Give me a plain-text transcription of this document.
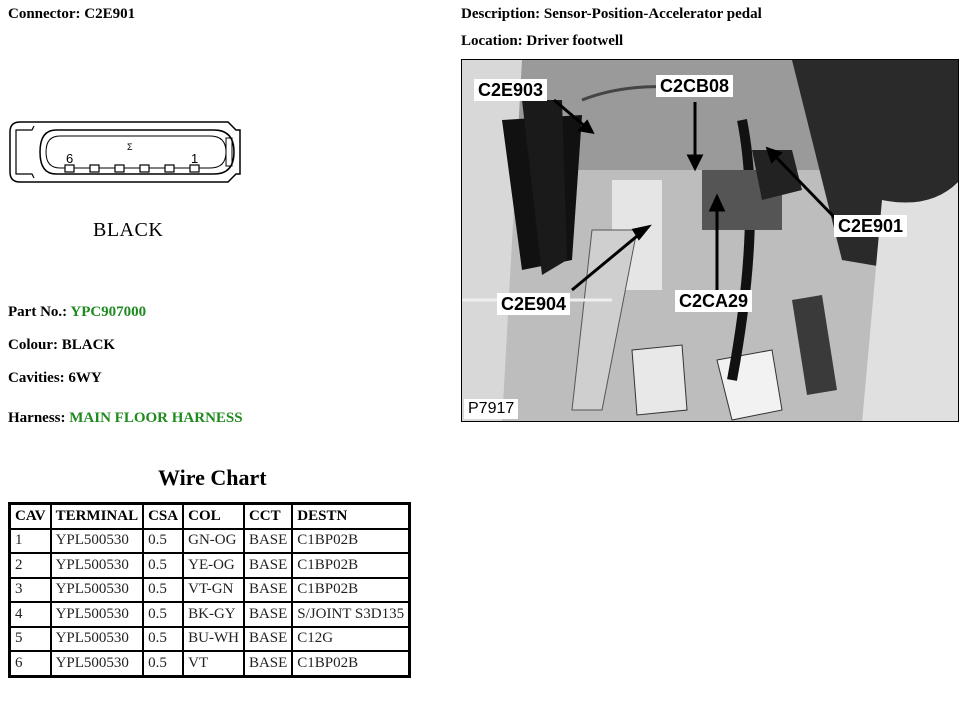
Connector: C2E901	Description: Sensor-Position-Accelerator pedal
Location: Driver footwell
6	1
Σ
BLACK
Part No.: YPC907000
Colour: BLACK
Cavities: 6WY
Harness: MAIN FLOOR HARNESS
C2E903	C2CB08
C2E901
C2E904	C2CA29
P7917
Wire Chart
CAV	TERMINAL	CSA	COL	CCT	DESTN
1	YPL500530	0.5	GN-OG	BASE	C1BP02B
2	YPL500530	0.5	YE-OG	BASE	C1BP02B
3	YPL500530	0.5	VT-GN	BASE	C1BP02B
4	YPL500530	0.5	BK-GY	BASE	S/JOINT S3D135
5	YPL500530	0.5	BU-WH	BASE	C12G
6	YPL500530	0.5	VT	BASE	C1BP02B
